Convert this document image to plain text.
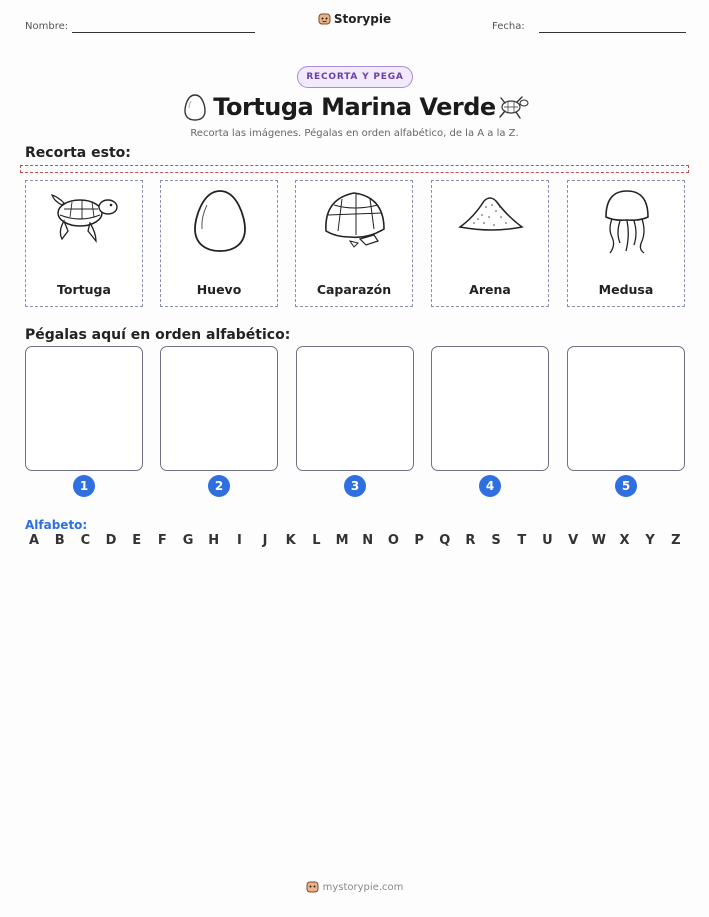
Nombre:	Fecha:
Storypie
RECORTA Y PEGA
Tortuga Marina Verde
Recorta las imágenes. Pégalas en orden alfabético, de la A a la Z.
Recorta esto:
Tortuga	Huevo	Caparazón	Arena	Medusa
Pégalas aquí en orden alfabético:
1	2	3	4	5
Alfabeto:
A	B	C	D	E	F	G H	I	J	K	L	M N O	P	Q	R	S	T	U	V	W	X	Y	Z
mystorypie.com
